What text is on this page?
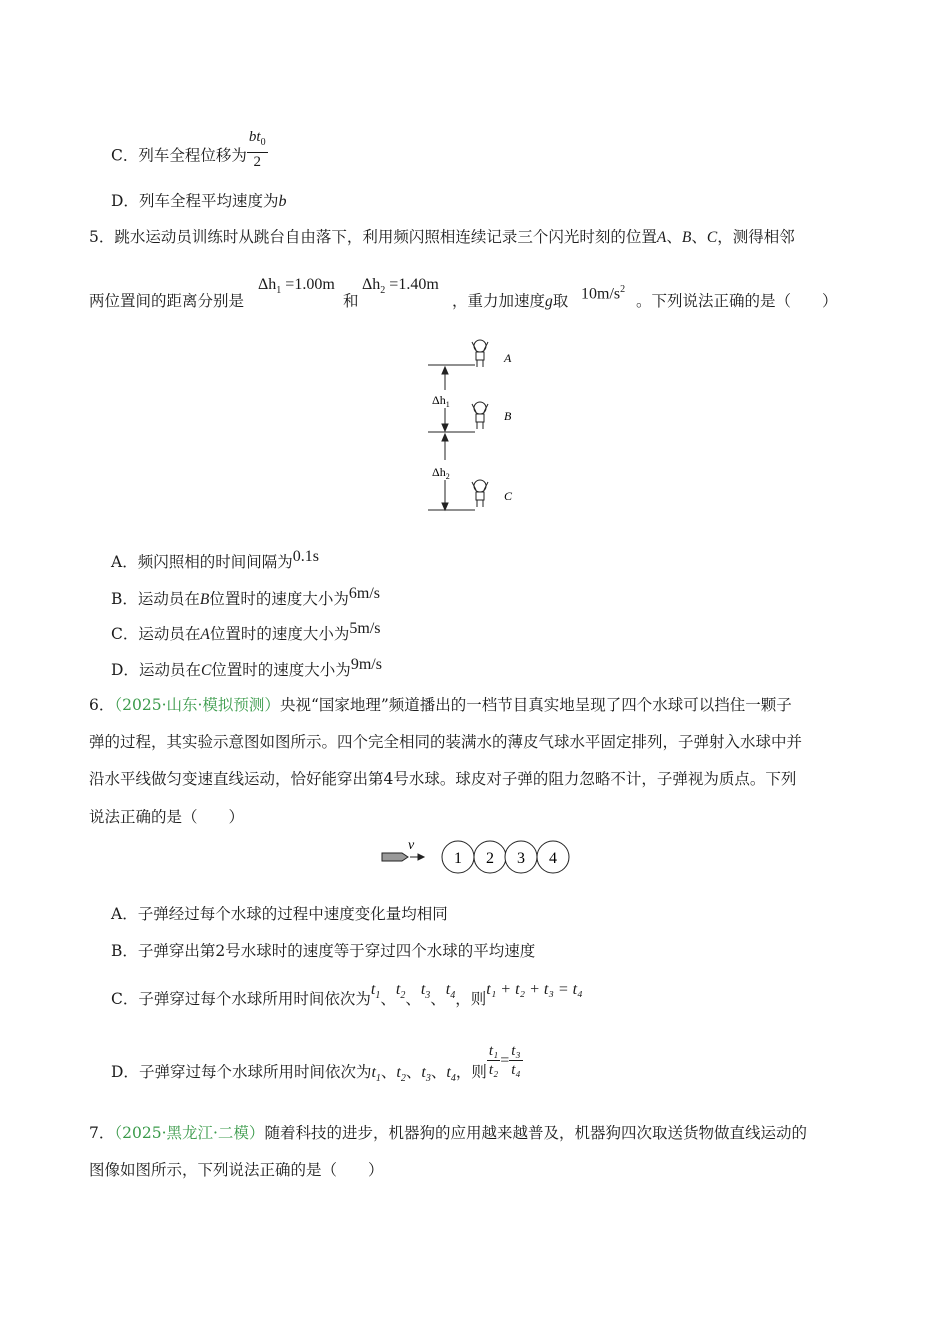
C．列车全程位移为 $\frac{bt_0}{2}$
D．列车全程平均速度为b
5．跳水运动员训练时从跳台自由落下，利用频闪照相连续记录三个闪光时刻的位置A、B、C，测得相邻
两位置间的距离分别是
$\Delta h_1 =1.00m$
和
$\Delta h_2 =1.40m$
，重力加速度g取 $10m/s^2$
。下列说法正确的是（　　）
A
B
C
$\Delta h_1$
$\Delta h_2$
A．频闪照相的时间间隔为0.1s
B．运动员在B位置时的速度大小为6m/s
C．运动员在A位置时的速度大小为5m/s
D．运动员在C位置时的速度大小为9m/s
6．（2025·山东·模拟预测）央视“国家地理”频道播出的一档节目真实地呈现了四个水球可以挡住一颗子
弹的过程，其实验示意图如图所示。四个完全相同的装满水的薄皮气球水平固定排列，子弹射入水球中并
沿水平线做匀变速直线运动，恰好能穿出第4号水球。球皮对子弹的阻力忽略不计，子弹视为质点。下列
说法正确的是（　　）
v
1 2 3 4
A．子弹经过每个水球的过程中速度变化量均相同
B．子弹穿出第2号水球时的速度等于穿过四个水球的平均速度
C．子弹穿过每个水球所用时间依次为$t_1$、$t_2$、$t_3$、$t_4$，则t₁ + t₂ + t₃ = t₄
D．子弹穿过每个水球所用时间依次为$t_1$、$t_2$、$t_3$、$t_4$，则 $\frac{\text{t₁}}{\text{t₂}} = \frac{\text{t₃}}{\text{t₄}}$
7．（2025·黑龙江·二模）随着科技的进步，机器狗的应用越来越普及，机器狗四次取送货物做直线运动的
图像如图所示，下列说法正确的是（　　）
